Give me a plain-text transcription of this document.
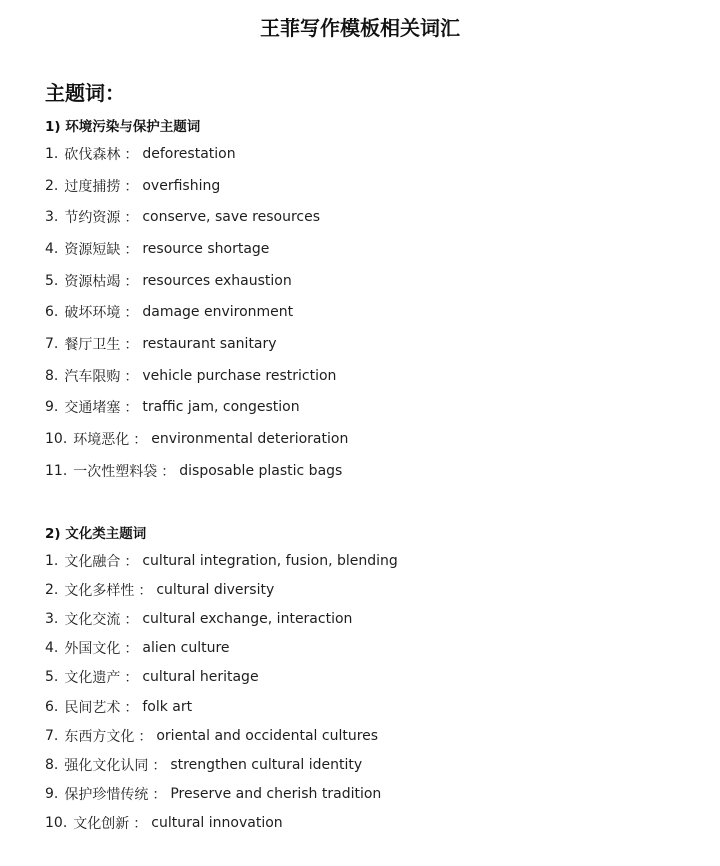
王菲写作模板相关词汇
主题词：
1) 环境污染与保护主题词
1. 砍伐森林 ： deforestation
2. 过度捕捞 ： overfishing
3. 节约资源 ： conserve, save resources
4. 资源短缺 ： resource shortage
5. 资源枯竭 ： resources exhaustion
6. 破坏环境 ： damage environment
7. 餐厅卫生 ： restaurant sanitary
8. 汽车限购 ： vehicle purchase restriction
9. 交通堵塞 ： traffic jam, congestion
10. 环境恶化 ： environmental deterioration
11. 一次性塑料袋 ： disposable plastic bags
2) 文化类主题词
1. 文化融合 ： cultural integration, fusion, blending
2. 文化多样性 ： cultural diversity
3. 文化交流 ： cultural exchange, interaction
4. 外国文化 ： alien culture
5. 文化遗产 ： cultural heritage
6. 民间艺术 ： folk art
7. 东西方文化 ： oriental and occidental cultures
8. 强化文化认同 ： strengthen cultural identity
9. 保护珍惜传统 ： Preserve and cherish tradition
10. 文化创新 ： cultural innovation
